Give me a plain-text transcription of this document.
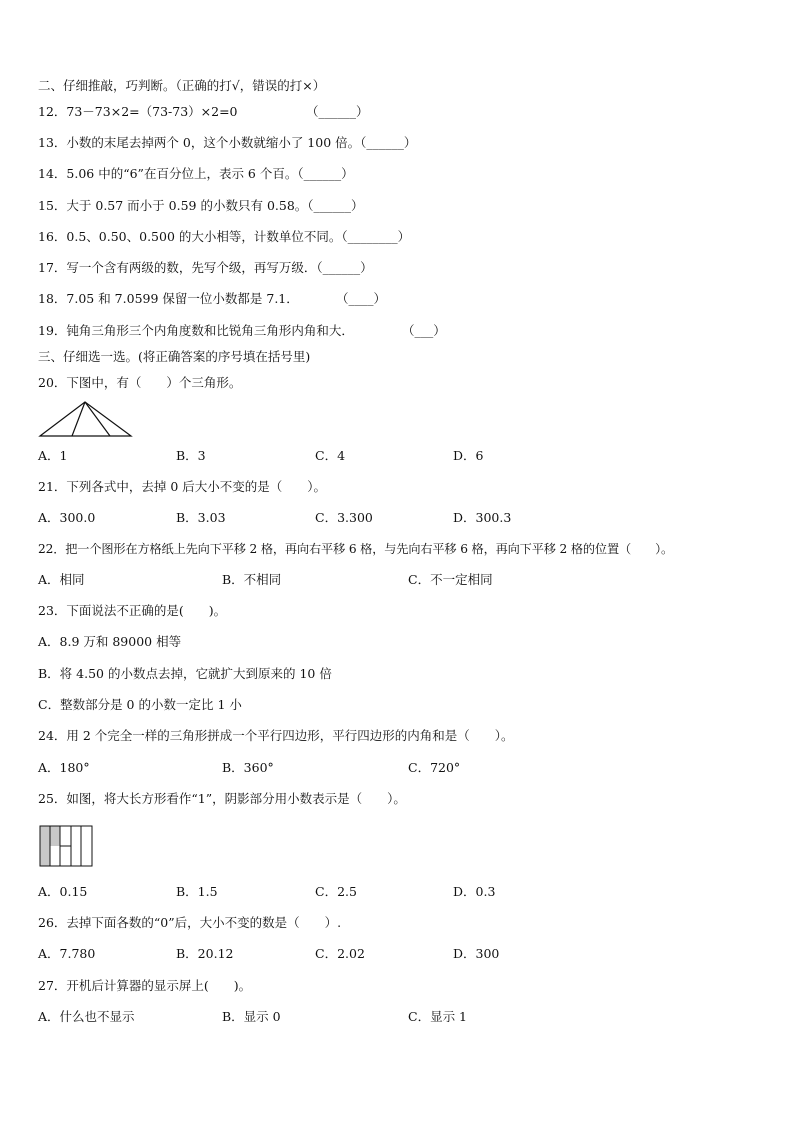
二、仔细推敲，巧判断。（正确的打√，错误的打×）
12．73－73×2=（73-73）×2=0	（______）
13．小数的末尾去掉两个 0，这个小数就缩小了 100 倍。（______）
14．5.06 中的“6”在百分位上，表示 6 个百。（______）
15．大于 0.57 而小于 0.59 的小数只有 0.58。（______）
16．0.5、0.50、0.500 的大小相等，计数单位不同。（________）
17．写一个含有两级的数，先写个级，再写万级．（______）
18．7.05 和 7.0599 保留一位小数都是 7.1．	（____）
19．钝角三角形三个内角度数和比锐角三角形内角和大．	（___）
三、仔细选一选。(将正确答案的序号填在括号里)
20．下图中，有（　　）个三角形。
A．1	B．3	C．4	D．6
21．下列各式中，去掉 0 后大小不变的是（　　）。
A．300.0	B．3.03	C．3.300	D．300.3
22．把一个图形在方格纸上先向下平移 2 格，再向右平移 6 格，与先向右平移 6 格，再向下平移 2 格的位置（　　）。
A．相同	B．不相同	C．不一定相同
23．下面说法不正确的是(　　)。
A．8.9 万和 89000 相等
B．将 4.50 的小数点去掉，它就扩大到原来的 10 倍
C．整数部分是 0 的小数一定比 1 小
24．用 2 个完全一样的三角形拼成一个平行四边形，平行四边形的内角和是（　　）。
A．180°	B．360°	C．720°
25．如图，将大长方形看作“1”，阴影部分用小数表示是（　　）。
A．0.15	B．1.5	C．2.5	D．0.3
26．去掉下面各数的“0”后，大小不变的数是（　　）.
A．7.780	B．20.12	C．2.02	D．300
27．开机后计算器的显示屏上(　　)。
A．什么也不显示	B．显示 0	C．显示 1
